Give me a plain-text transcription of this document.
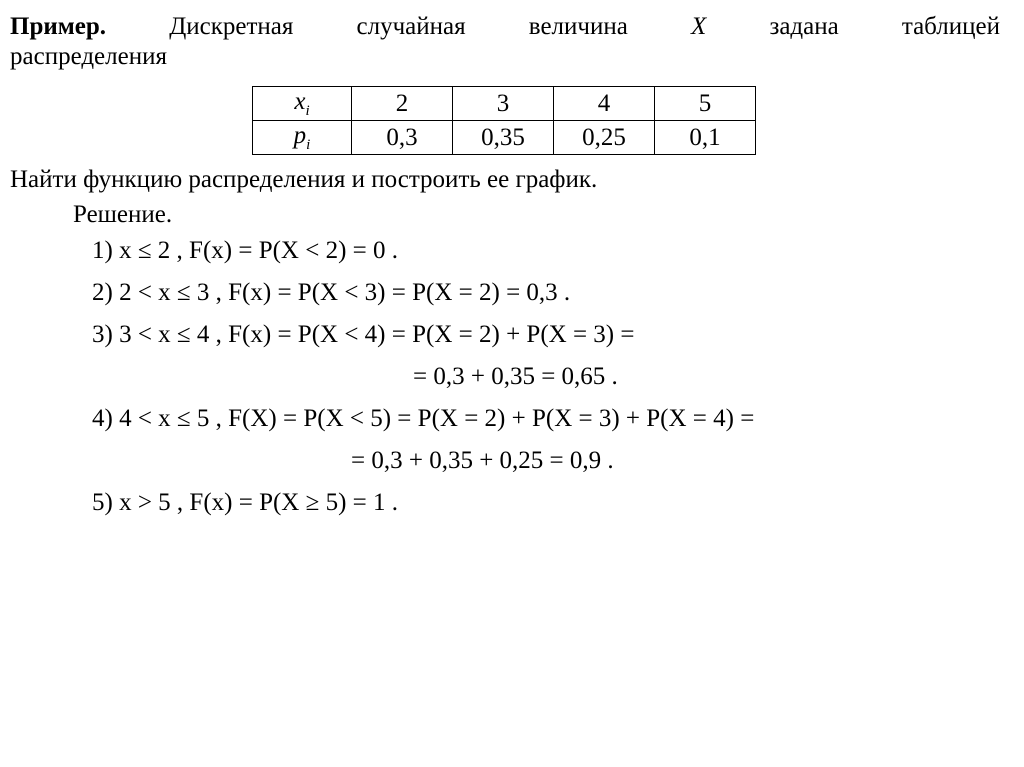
Пример.	Дискретная	случайная	величина	X	задана	таблицей
распределения
$x_i$	2	3	4	5
$p_i$	0,3	0,35	0,25	0,1
Найти функцию распределения и построить ее график.
Решение.
1) x ≤ 2 , F(x) = P(X < 2) = 0 .
2) 2 < x ≤ 3 , F(x) = P(X < 3) = P(X = 2) = 0,3 .
3) 3 < x ≤ 4 , F(x) = P(X < 4) = P(X = 2) + P(X = 3) =
= 0,3 + 0,35 = 0,65 .
4) 4 < x ≤ 5 , F(X) = P(X < 5) = P(X = 2) + P(X = 3) + P(X = 4) =
= 0,3 + 0,35 + 0,25 = 0,9 .
5) x > 5 , F(x) = P(X ≥ 5) = 1 .
